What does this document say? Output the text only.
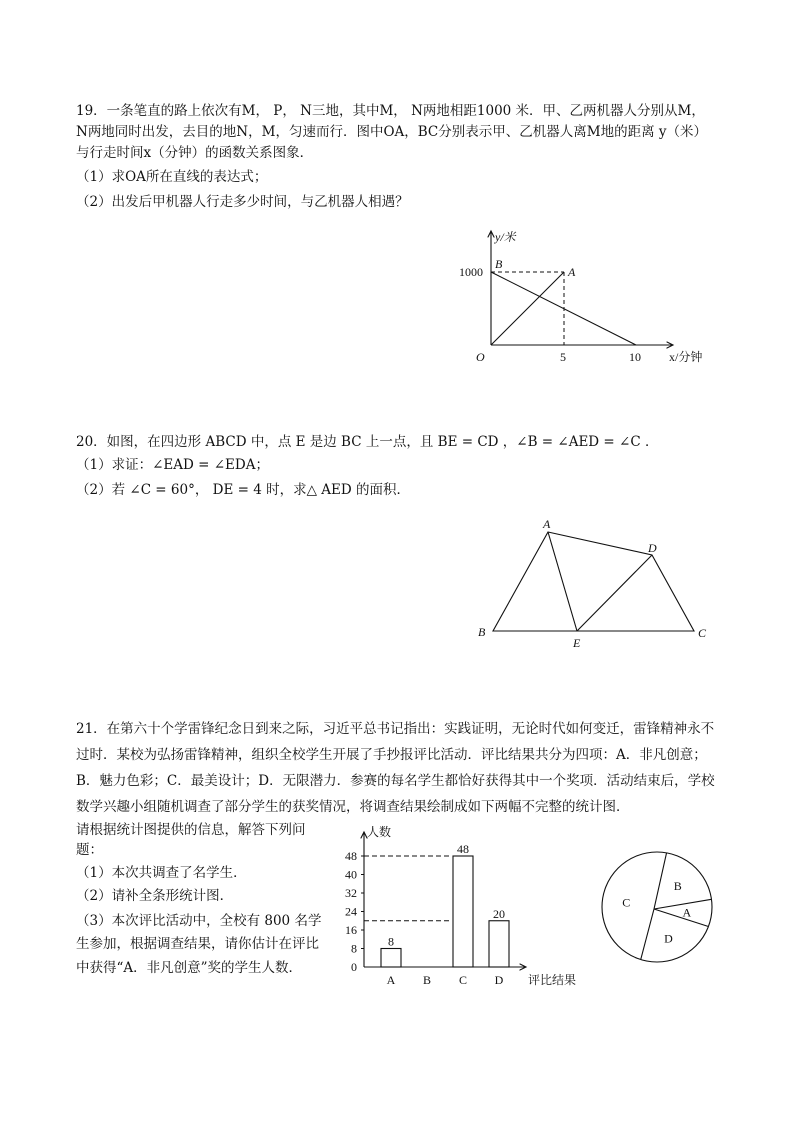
19．一条笔直的路上依次有M， P， N三地，其中M， N两地相距1000 米．甲、乙两机器人分别从M，
N两地同时出发，去目的地N，M，匀速而行．图中OA，BC分别表示甲、乙机器人离M地的距离 y（米）
与行走时间x（分钟）的函数关系图象．
（1）求OA所在直线的表达式；
（2）出发后甲机器人行走多少时间，与乙机器人相遇？
y/米
x/分钟
O
1000
5	10
B
A
20．如图，在四边形 ABCD 中，点 E 是边 BC 上一点，且 BE = CD ，∠B = ∠AED = ∠C ．
（1）求证：∠EAD = ∠EDA；
（2）若 ∠C = 60°， DE = 4 时，求△ AED 的面积．
A
D
B	C
E
21．在第六十个学雷锋纪念日到来之际，习近平总书记指出：实践证明，无论时代如何变迁，雷锋精神永不
过时．某校为弘扬雷锋精神，组织全校学生开展了手抄报评比活动．评比结果共分为四项：A．非凡创意；
B．魅力色彩；C．最美设计；D．无限潜力．参赛的每名学生都恰好获得其中一个奖项．活动结束后，学校
数学兴趣小组随机调查了部分学生的获奖情况，将调查结果绘制成如下两幅不完整的统计图．
请根据统计图提供的信息，解答下列问
题：
（1）本次共调查了名学生．
（2）请补全条形统计图．
（3）本次评比活动中，全校有 800 名学
生参加，根据调查结果，请你估计在评比
中获得“A．非凡创意”奖的学生人数．	0
8
16
24
32
40
48
8
A B
48
C
20
D
人数
评比结果
B
A
D
C
